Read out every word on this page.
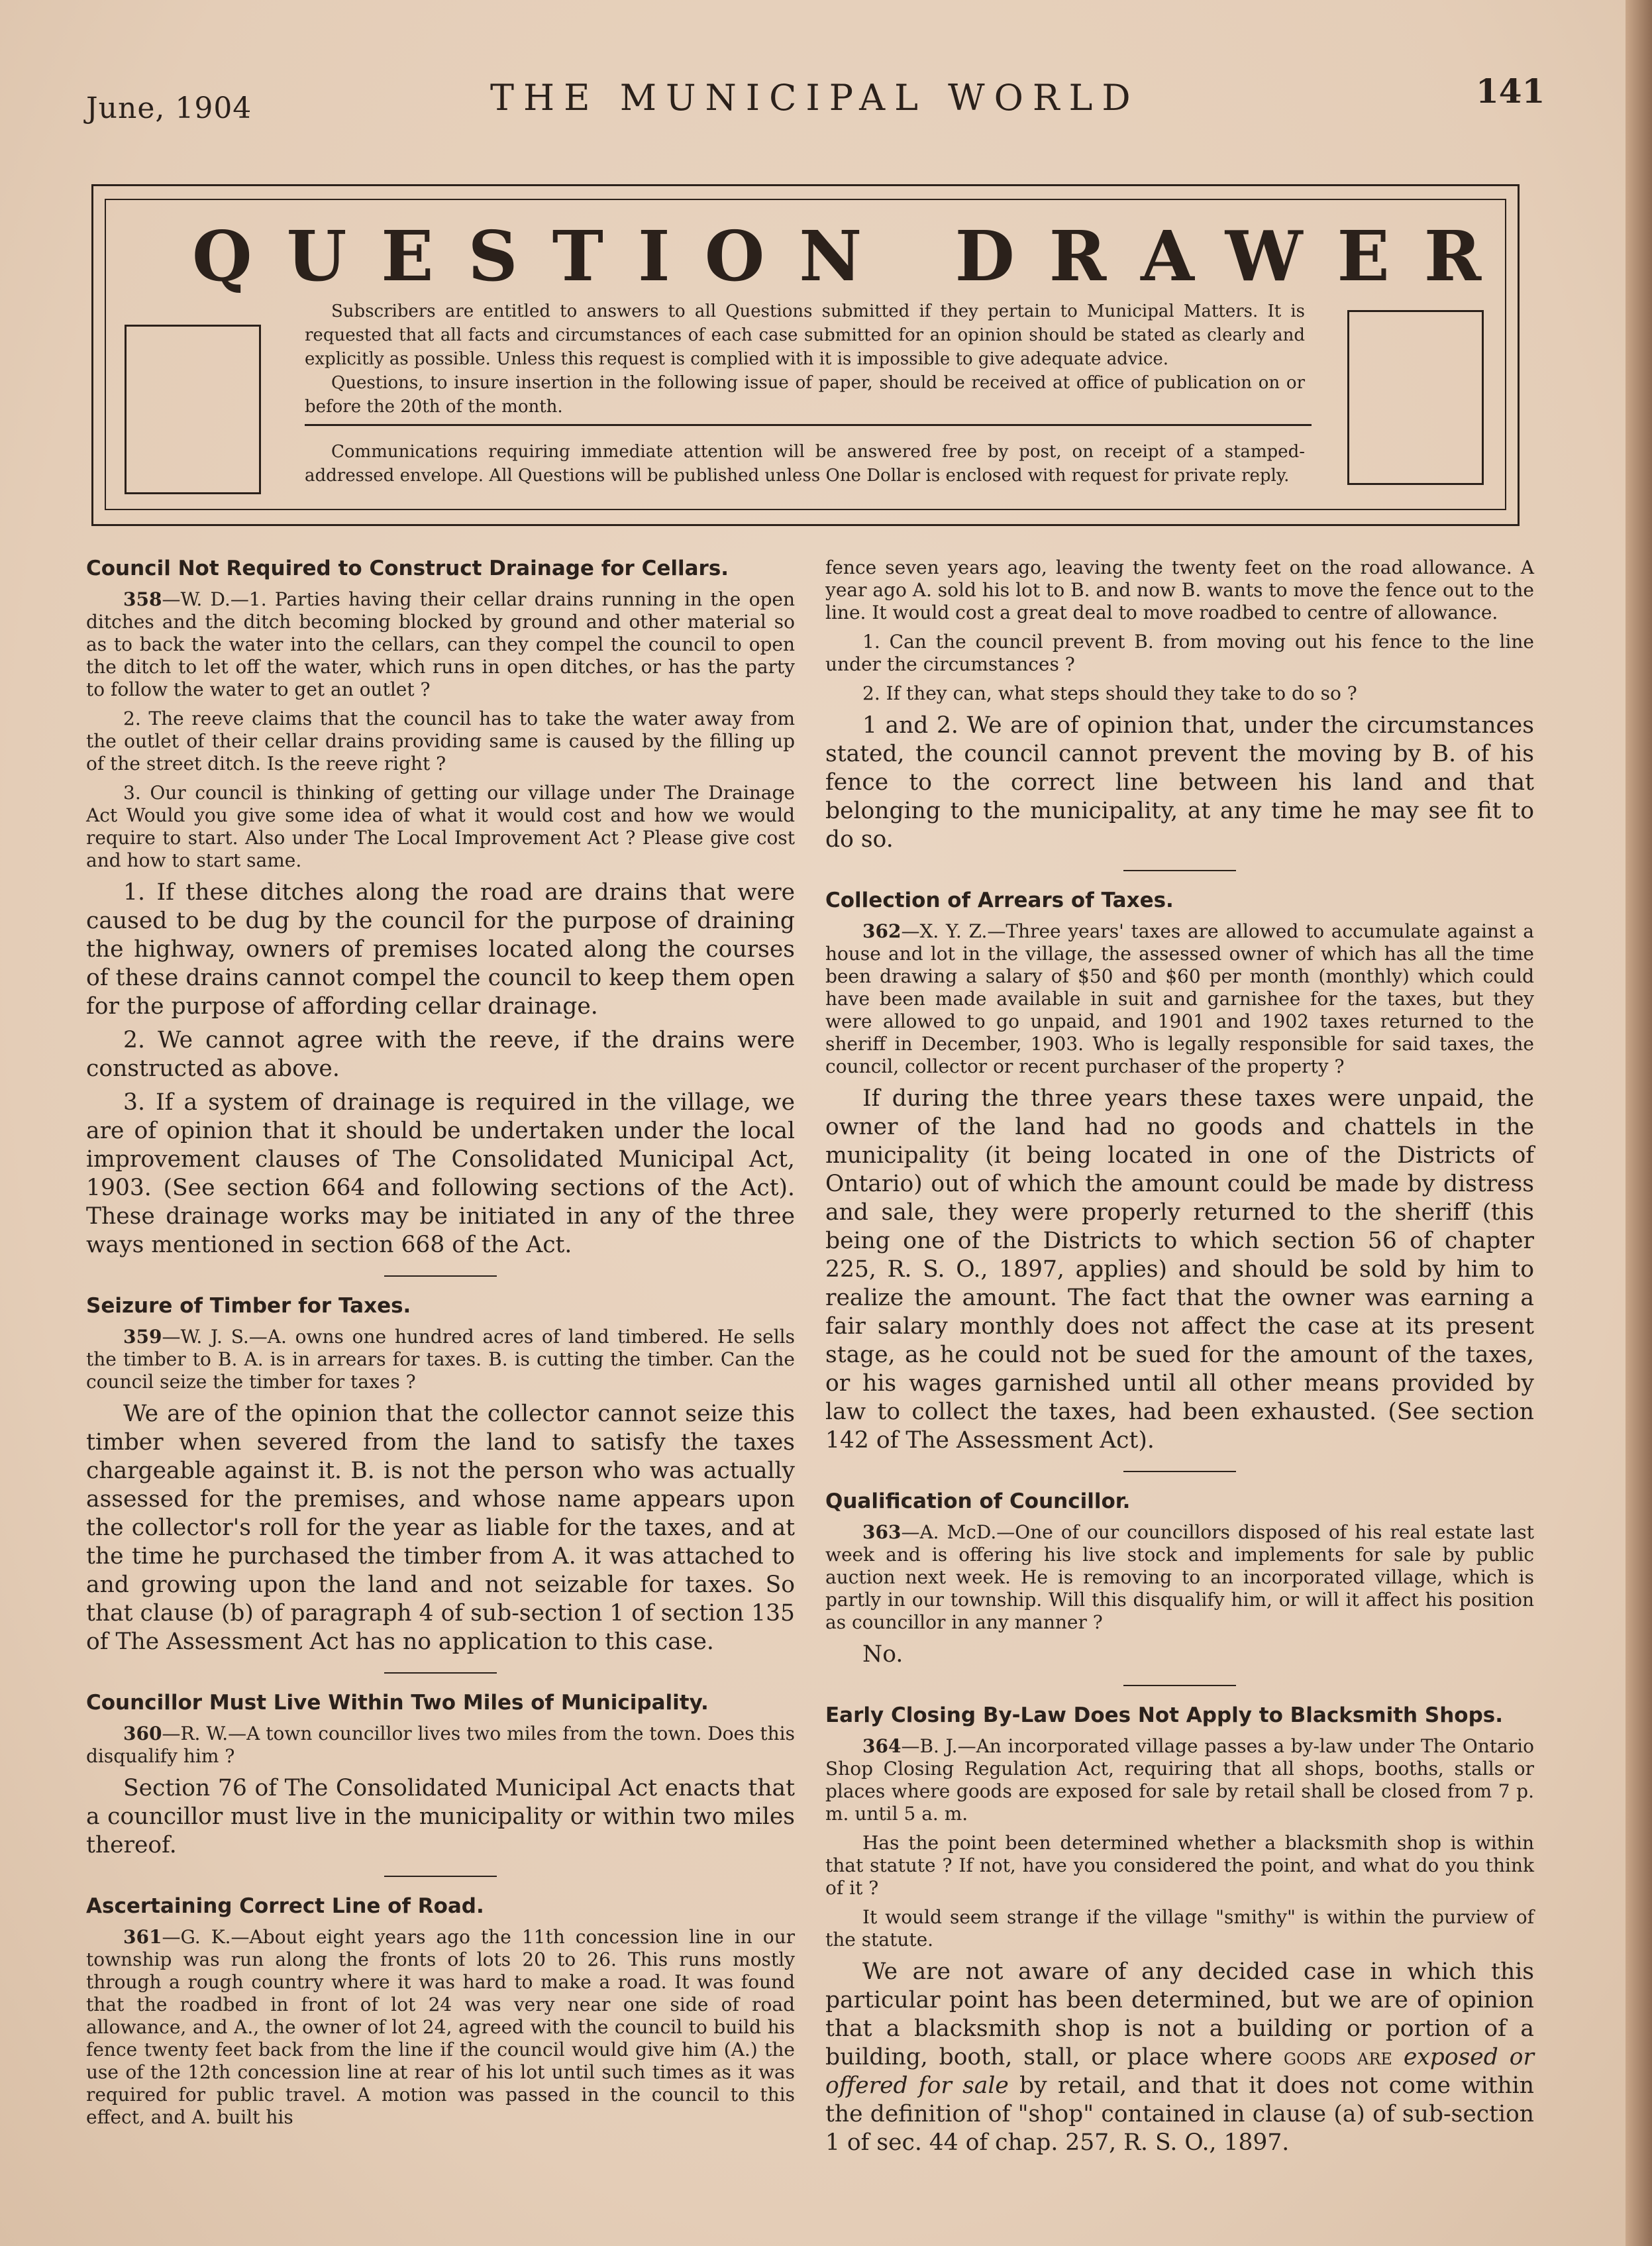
June, 1904	THE MUNICIPAL WORLD	141
QUESTION DRAWER

Subscribers are entitled to answers to all Questions submitted if they pertain to Municipal Matters. It is requested that all facts and circumstances of each case submitted for an opinion should be stated as clearly and explicitly as possible. Unless this request is complied with it is impossible to give adequate advice.

Questions, to insure insertion in the following issue of paper, should be received at office of publication on or before the 20th of the month.

Communications requiring immediate attention will be answered free by post, on receipt of a stamped-addressed envelope. All Questions will be published unless One Dollar is enclosed with request for private reply.

Council Not Required to Construct Drainage for Cellars.

358—W. D.—1. Parties having their cellar drains running in the open ditches and the ditch becoming blocked by ground and other material so as to back the water into the cellars, can they compel the council to open the ditch to let off the water, which runs in open ditches, or has the party to follow the water to get an outlet ?

2. The reeve claims that the council has to take the water away from the outlet of their cellar drains providing same is caused by the filling up of the street ditch. Is the reeve right ?

3. Our council is thinking of getting our village under The Drainage Act Would you give some idea of what it would cost and how we would require to start. Also under The Local Improvement Act ? Please give cost and how to start same.

1. If these ditches along the road are drains that were caused to be dug by the council for the purpose of draining the highway, owners of premises located along the courses of these drains cannot compel the council to keep them open for the purpose of affording cellar drainage.

2. We cannot agree with the reeve, if the drains were constructed as above.

3. If a system of drainage is required in the village, we are of opinion that it should be undertaken under the local improvement clauses of The Consolidated Municipal Act, 1903. (See section 664 and following sections of the Act). These drainage works may be initiated in any of the three ways mentioned in section 668 of the Act.

Seizure of Timber for Taxes.

359—W. J. S.—A. owns one hundred acres of land timbered. He sells the timber to B. A. is in arrears for taxes. B. is cutting the timber. Can the council seize the timber for taxes ?

We are of the opinion that the collector cannot seize this timber when severed from the land to satisfy the taxes chargeable against it. B. is not the person who was actually assessed for the premises, and whose name appears upon the collector's roll for the year as liable for the taxes, and at the time he purchased the timber from A. it was attached to and growing upon the land and not seizable for taxes. So that clause (b) of paragraph 4 of sub-section 1 of section 135 of The Assessment Act has no application to this case.

Councillor Must Live Within Two Miles of Municipality.

360—R. W.—A town councillor lives two miles from the town. Does this disqualify him ?

Section 76 of The Consolidated Municipal Act enacts that a councillor must live in the municipality or within two miles thereof.

Ascertaining Correct Line of Road.

361—G. K.—About eight years ago the 11th concession line in our township was run along the fronts of lots 20 to 26. This runs mostly through a rough country where it was hard to make a road. It was found that the roadbed in front of lot 24 was very near one side of road allowance, and A., the owner of lot 24, agreed with the council to build his fence twenty feet back from the line if the council would give him (A.) the use of the 12th concession line at rear of his lot until such times as it was required for public travel. A motion was passed in the council to this effect, and A. built his

fence seven years ago, leaving the twenty feet on the road allowance. A year ago A. sold his lot to B. and now B. wants to move the fence out to the line. It would cost a great deal to move roadbed to centre of allowance.

1. Can the council prevent B. from moving out his fence to the line under the circumstances ?

2. If they can, what steps should they take to do so ?

1 and 2. We are of opinion that, under the circumstances stated, the council cannot prevent the moving by B. of his fence to the correct line between his land and that belonging to the municipality, at any time he may see fit to do so.

Collection of Arrears of Taxes.

362—X. Y. Z.—Three years' taxes are allowed to accumulate against a house and lot in the village, the assessed owner of which has all the time been drawing a salary of $50 and $60 per month (monthly) which could have been made available in suit and garnishee for the taxes, but they were allowed to go unpaid, and 1901 and 1902 taxes returned to the sheriff in December, 1903. Who is legally responsible for said taxes, the council, collector or recent purchaser of the property ?

If during the three years these taxes were unpaid, the owner of the land had no goods and chattels in the municipality (it being located in one of the Districts of Ontario) out of which the amount could be made by distress and sale, they were properly returned to the sheriff (this being one of the Districts to which section 56 of chapter 225, R. S. O., 1897, applies) and should be sold by him to realize the amount. The fact that the owner was earning a fair salary monthly does not affect the case at its present stage, as he could not be sued for the amount of the taxes, or his wages garnished until all other means provided by law to collect the taxes, had been exhausted. (See section 142 of The Assessment Act).

Qualification of Councillor.

363—A. McD.—One of our councillors disposed of his real estate last week and is offering his live stock and implements for sale by public auction next week. He is removing to an incorporated village, which is partly in our township. Will this disqualify him, or will it affect his position as councillor in any manner ?

No.

Early Closing By-Law Does Not Apply to Blacksmith Shops.

364—B. J.—An incorporated village passes a by-law under The Ontario Shop Closing Regulation Act, requiring that all shops, booths, stalls or places where goods are exposed for sale by retail shall be closed from 7 p. m. until 5 a. m.

Has the point been determined whether a blacksmith shop is within that statute ? If not, have you considered the point, and what do you think of it ?

It would seem strange if the village "smithy" is within the purview of the statute.

We are not aware of any decided case in which this particular point has been determined, but we are of opinion that a blacksmith shop is not a building or portion of a building, booth, stall, or place where goods are exposed or offered for sale by retail, and that it does not come within the definition of "shop" contained in clause (a) of sub-section 1 of sec. 44 of chap. 257, R. S. O., 1897.
